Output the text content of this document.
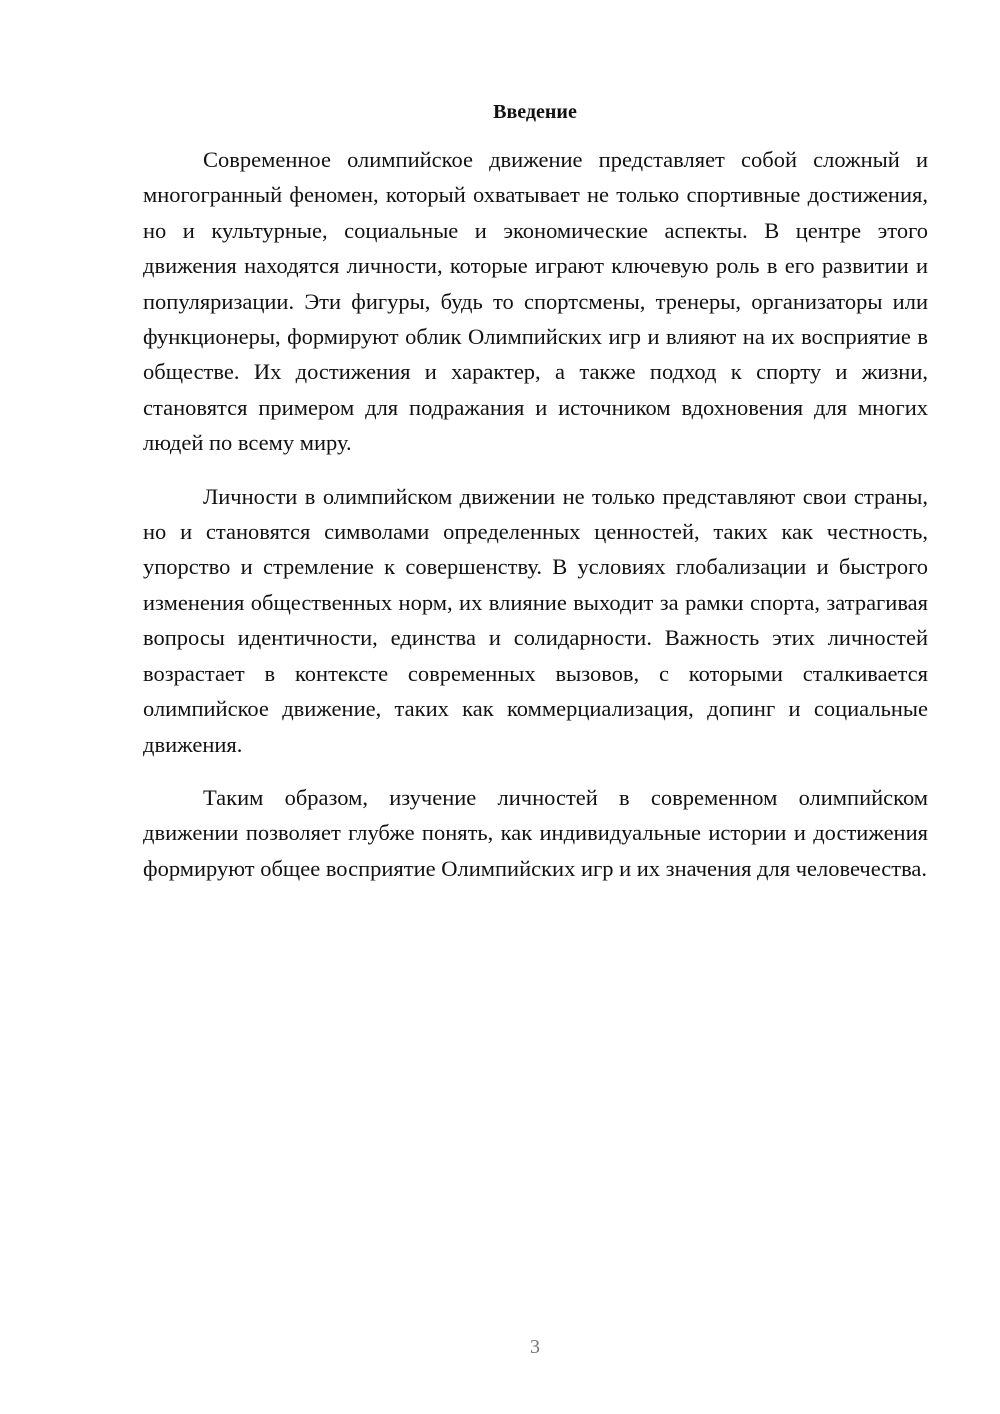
Введение

Современное олимпийское движение представляет собой сложный и многогранный феномен, который охватывает не только спортивные достижения, но и культурные, социальные и экономические аспекты. В центре этого движения находятся личности, которые играют ключевую роль в его развитии и популяризации. Эти фигуры, будь то спортсмены, тренеры, организаторы или функционеры, формируют облик Олимпийских игр и влияют на их восприятие в обществе. Их достижения и характер, а также подход к спорту и жизни, становятся примером для подражания и источником вдохновения для многих людей по всему миру.

Личности в олимпийском движении не только представляют свои страны, но и становятся символами определенных ценностей, таких как честность, упорство и стремление к совершенству. В условиях глобализации и быстрого изменения общественных норм, их влияние выходит за рамки спорта, затрагивая вопросы идентичности, единства и солидарности. Важность этих личностей возрастает в контексте современных вызовов, с которыми сталкивается олимпийское движение, таких как коммерциализация, допинг и социальные движения.

Таким образом, изучение личностей в современном олимпийском движении позволяет глубже понять, как индивидуальные истории и достижения формируют общее восприятие Олимпийских игр и их значения для человечества.

3
